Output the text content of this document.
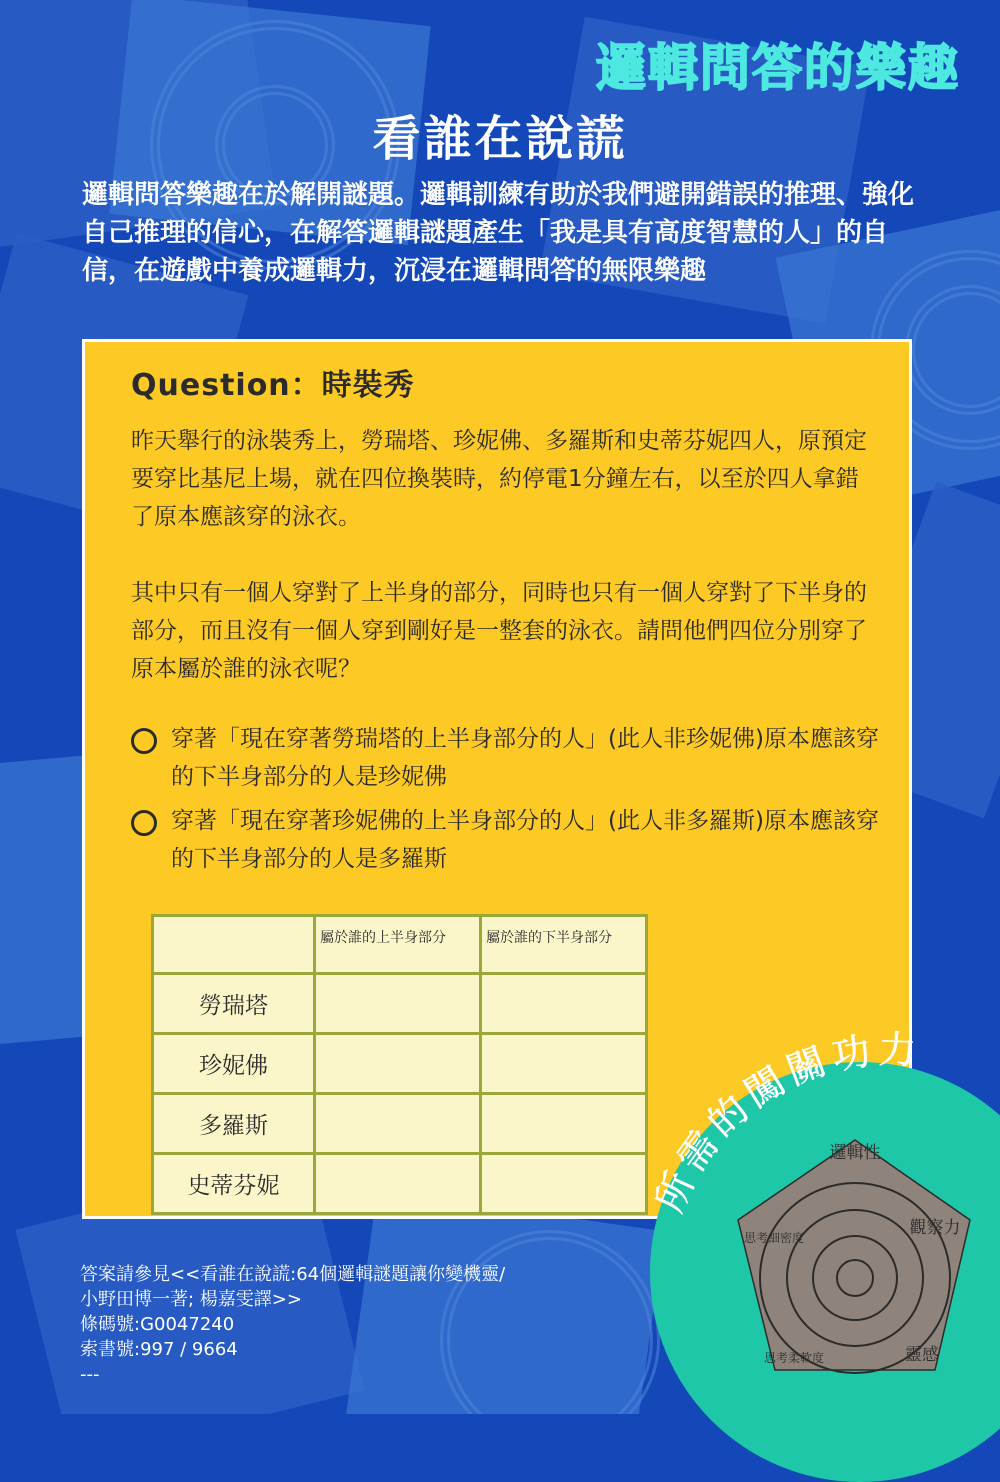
邏輯問答的樂趣
看誰在說謊
邏輯問答樂趣在於解開謎題。邏輯訓練有助於我們避開錯誤的推理、強化自己推理的信心，在解答邏輯謎題產生「我是具有高度智慧的人」的自信，在遊戲中養成邏輯力，沉浸在邏輯問答的無限樂趣
Question：時裝秀

昨天舉行的泳裝秀上，勞瑞塔、珍妮佛、多羅斯和史蒂芬妮四人，原預定要穿比基尼上場，就在四位換裝時，約停電1分鐘左右，以至於四人拿錯了原本應該穿的泳衣。

其中只有一個人穿對了上半身的部分，同時也只有一個人穿對了下半身的部分，而且沒有一個人穿到剛好是一整套的泳衣。請問他們四位分別穿了原本屬於誰的泳衣呢？

穿著「現在穿著勞瑞塔的上半身部分的人」(此人非珍妮佛)原本應該穿的下半身部分的人是珍妮佛
穿著「現在穿著珍妮佛的上半身部分的人」(此人非多羅斯)原本應該穿的下半身部分的人是多羅斯
	屬於誰的上半身部分	屬於誰的下半身部分
勞瑞塔		
珍妮佛		
多羅斯		
史蒂芬妮			所需的闖關功力
邏輯性
觀察力
靈感
思考柔軟度
思考細密度
答案請參見<<看誰在說謊:64個邏輯謎題讓你變機靈/
小野田博一著; 楊嘉雯譯>>
條碼號:G0047240
索書號:997 / 9664
---
